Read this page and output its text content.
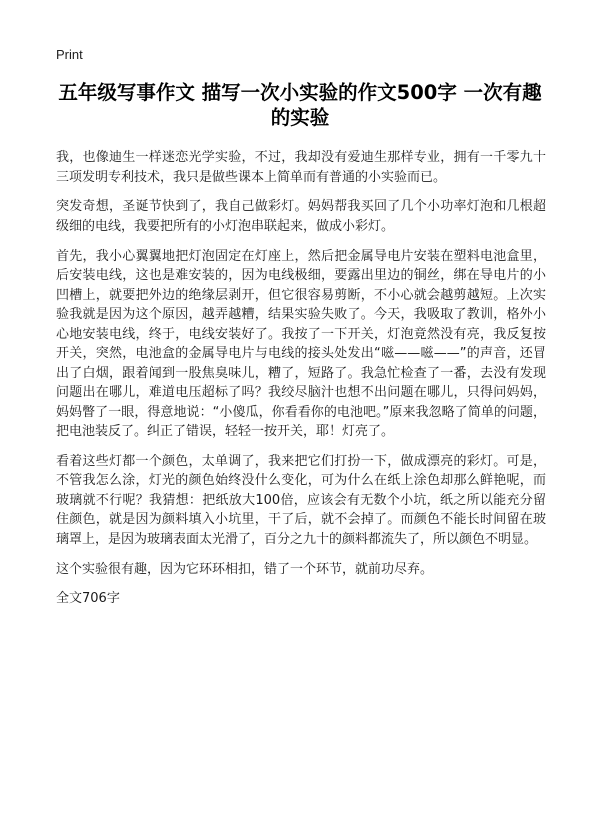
Print
五年级写事作文 描写一次小实验的作文500字 一次有趣的实验

我，也像迪生一样迷恋光学实验，不过，我却没有爱迪生那样专业，拥有一千零九十三项发明专利技术，我只是做些课本上简单而有普通的小实验而已。

突发奇想，圣诞节快到了，我自己做彩灯。妈妈帮我买回了几个小功率灯泡和几根超级细的电线，我要把所有的小灯泡串联起来，做成小彩灯。

首先，我小心翼翼地把灯泡固定在灯座上，然后把金属导电片安装在塑料电池盒里，后安装电线，这也是难安装的，因为电线极细，要露出里边的铜丝，绑在导电片的小凹槽上，就要把外边的绝缘层剥开，但它很容易剪断，不小心就会越剪越短。上次实验我就是因为这个原因，越弄越糟，结果实验失败了。今天，我吸取了教训，格外小心地安装电线，终于，电线安装好了。我按了一下开关，灯泡竟然没有亮，我反复按开关，突然，电池盒的金属导电片与电线的接头处发出“嗞——嗞——”的声音，还冒出了白烟，跟着闻到一股焦臭味儿，糟了，短路了。我急忙检查了一番，去没有发现问题出在哪儿，难道电压超标了吗？我绞尽脑汁也想不出问题在哪儿，只得问妈妈，妈妈瞥了一眼，得意地说：“小傻瓜，你看看你的电池吧。”原来我忽略了简单的问题，把电池装反了。纠正了错误，轻轻一按开关，耶！灯亮了。

看着这些灯都一个颜色，太单调了，我来把它们打扮一下，做成漂亮的彩灯。可是，不管我怎么涂，灯光的颜色始终没什么变化，可为什么在纸上涂色却那么鲜艳呢，而玻璃就不行呢？我猜想：把纸放大100倍，应该会有无数个小坑，纸之所以能充分留住颜色，就是因为颜料填入小坑里，干了后，就不会掉了。而颜色不能长时间留在玻璃罩上，是因为玻璃表面太光滑了，百分之九十的颜料都流失了，所以颜色不明显。

这个实验很有趣，因为它环环相扣，错了一个环节，就前功尽弃。

全文706字
